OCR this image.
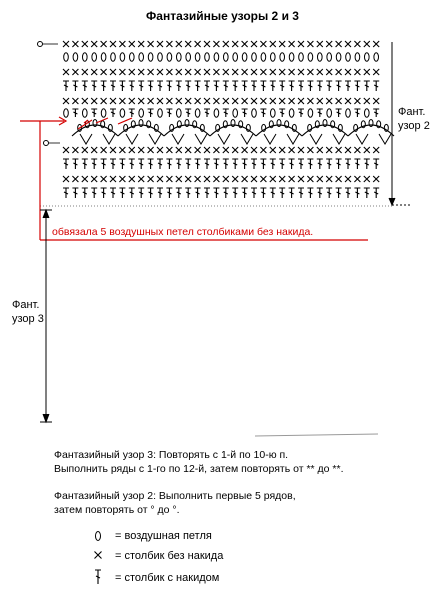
Фантазийные узоры 2 и 3
Фант.
узор 2
обвязала 5 воздушных петел столбиками без накида.
Фант.
узор 3
Фантазийный узор 3: Повторять с 1-й по 10-ю п.
Выполнить ряды с 1-го по 12-й, затем повторять от ** до **.
Фантазийный узор 2: Выполнить первые 5 рядов,
затем повторять от ° до °.
= воздушная петля
= столбик без накида
= столбик с накидом
